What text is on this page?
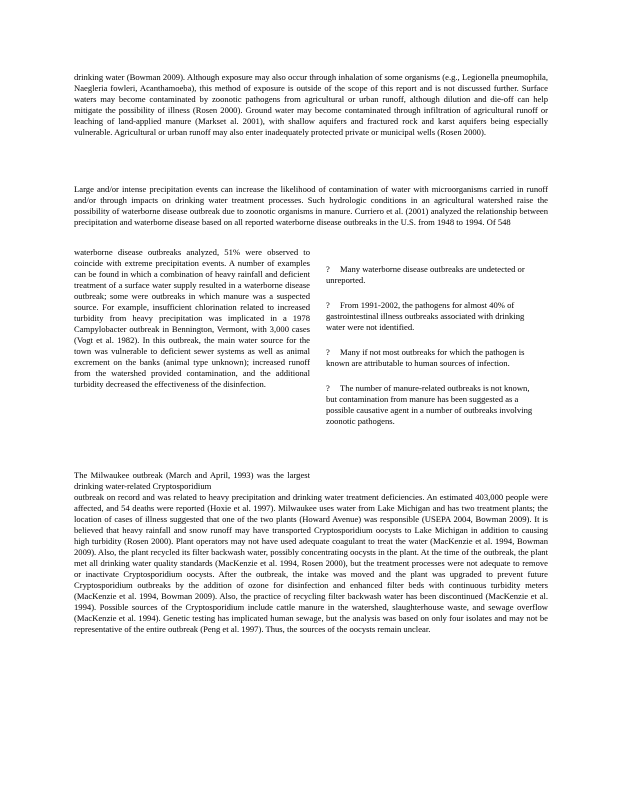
drinking water (Bowman 2009). Although exposure may also occur through inhalation of some organisms (e.g., Legionella pneumophila, Naegleria fowleri, Acanthamoeba), this method of exposure is outside of the scope of this report and is not discussed further. Surface waters may become contaminated by zoonotic pathogens from agricultural or urban runoff, although dilution and die-off can help mitigate the possibility of illness (Rosen 2000). Ground water may become contaminated through infiltration of agricultural runoff or leaching of land-applied manure (Markset al. 2001), with shallow aquifers and fractured rock and karst aquifers being especially vulnerable. Agricultural or urban runoff may also enter inadequately protected private or municipal wells (Rosen 2000).

Large and/or intense precipitation events can increase the likelihood of contamination of water with microorganisms carried in runoff and/or through impacts on drinking water treatment processes. Such hydrologic conditions in an agricultural watershed raise the possibility of waterborne disease outbreak due to zoonotic organisms in manure. Curriero et al. (2001) analyzed the relationship between precipitation and waterborne disease based on all reported waterborne disease outbreaks in the U.S. from 1948 to 1994. Of 548

waterborne disease outbreaks analyzed, 51% were observed to coincide with extreme precipitation events. A number of examples can be found in which a combination of heavy rainfall and deficient treatment of a surface water supply resulted in a waterborne disease outbreak; some were outbreaks in which manure was a suspected source. For example, insufficient chlorination related to increased turbidity from heavy precipitation was implicated in a 1978 Campylobacter outbreak in Bennington, Vermont, with 3,000 cases (Vogt et al. 1982). In this outbreak, the main water source for the town was vulnerable to deficient sewer systems as well as animal excrement on the banks (animal type unknown); increased runoff from the watershed provided contamination, and the additional turbidity decreased the effectiveness of the disinfection.

? Many waterborne disease outbreaks are undetected or unreported.
? From 1991-2002, the pathogens for almost 40% of gastrointestinal illness outbreaks associated with drinking water were not identified.
? Many if not most outbreaks for which the pathogen is known are attributable to human sources of infection.
? The number of manure-related outbreaks is not known, but contamination from manure has been suggested as a possible causative agent in a number of outbreaks involving zoonotic pathogens.

The Milwaukee outbreak (March and April, 1993) was the largest drinking water-related Cryptosporidium

outbreak on record and was related to heavy precipitation and drinking water treatment deficiencies. An estimated 403,000 people were affected, and 54 deaths were reported (Hoxie et al. 1997). Milwaukee uses water from Lake Michigan and has two treatment plants; the location of cases of illness suggested that one of the two plants (Howard Avenue) was responsible (USEPA 2004, Bowman 2009). It is believed that heavy rainfall and snow runoff may have transported Cryptosporidium oocysts to Lake Michigan in addition to causing high turbidity (Rosen 2000). Plant operators may not have used adequate coagulant to treat the water (MacKenzie et al. 1994, Bowman 2009). Also, the plant recycled its filter backwash water, possibly concentrating oocysts in the plant. At the time of the outbreak, the plant met all drinking water quality standards (MacKenzie et al. 1994, Rosen 2000), but the treatment processes were not adequate to remove or inactivate Cryptosporidium oocysts. After the outbreak, the intake was moved and the plant was upgraded to prevent future Cryptosporidium outbreaks by the addition of ozone for disinfection and enhanced filter beds with continuous turbidity meters (MacKenzie et al. 1994, Bowman 2009). Also, the practice of recycling filter backwash water has been discontinued (MacKenzie et al. 1994). Possible sources of the Cryptosporidium include cattle manure in the watershed, slaughterhouse waste, and sewage overflow (MacKenzie et al. 1994). Genetic testing has implicated human sewage, but the analysis was based on only four isolates and may not be representative of the entire outbreak (Peng et al. 1997). Thus, the sources of the oocysts remain unclear.
